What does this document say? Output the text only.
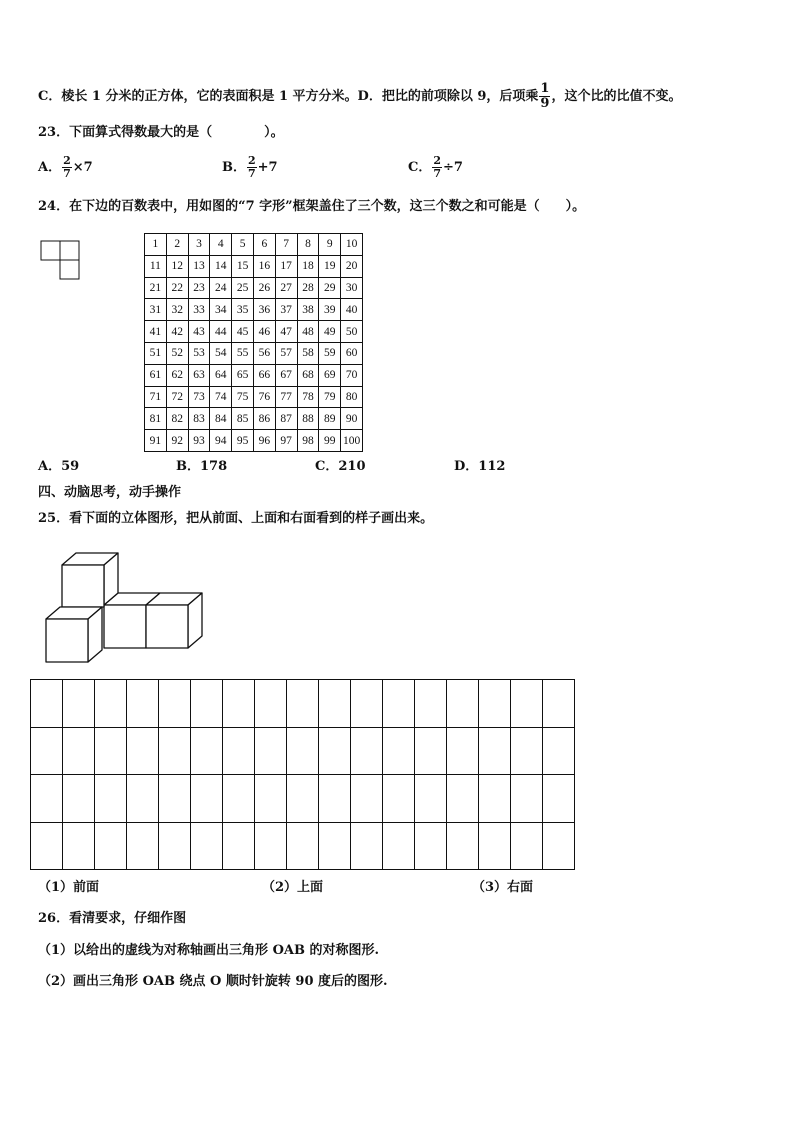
C．棱长 1 分米的正方体，它的表面积是 1 平方分米。D．把比的前项除以 9，后项乘 $\frac{1}{9}$ ，这个比的比值不变。
23．下面算式得数最大的是（　　　　）。
A． $\frac{2}{7} \times 7$	B． $\frac{2}{7} +7$	C． $\frac{2}{7} \div 7$
24．在下边的百数表中，用如图的“7 字形”框架盖住了三个数，这三个数之和可能是（　　）。
1	2	3	4	5	6	7	8	9	10
11	12	13	14	15	16	17	18	19	20
21	22	23	24	25	26	27	28	29	30
31	32	33	34	35	36	37	38	39	40
41	42	43	44	45	46	47	48	49	50
51	52	53	54	55	56	57	58	59	60
61	62	63	64	65	66	67	68	69	70
71	72	73	74	75	76	77	78	79	80
81	82	83	84	85	86	87	88	89	90
91	92	93	94	95	96	97	98	99	100
A．59	B．178	C．210	D．112
四、动脑思考，动手操作
25．看下面的立体图形，把从前面、上面和右面看到的样子画出来。

（1）前面	（2）上面	（3）右面
26．看清要求，仔细作图
（1）以给出的虚线为对称轴画出三角形 OAB 的对称图形.
（2）画出三角形 OAB 绕点 O 顺时针旋转 90 度后的图形.
